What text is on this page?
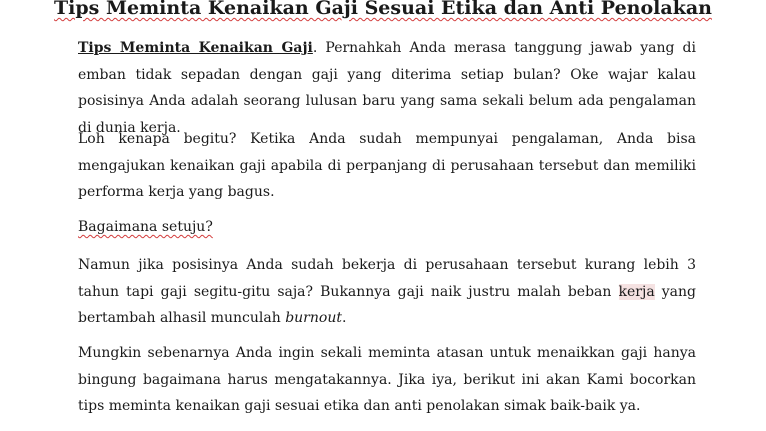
Tips Meminta Kenaikan Gaji Sesuai Etika dan Anti Penolakan

Tips Meminta Kenaikan Gaji. Pernahkah Anda merasa tanggung jawab yang di emban tidak sepadan dengan gaji yang diterima setiap bulan? Oke wajar kalau posisinya Anda adalah seorang lulusan baru yang sama sekali belum ada pengalaman di dunia kerja.

Loh kenapa begitu? Ketika Anda sudah mempunyai pengalaman, Anda bisa mengajukan kenaikan gaji apabila di perpanjang di perusahaan tersebut dan memiliki performa kerja yang bagus.

Bagaimana setuju?

Namun jika posisinya Anda sudah bekerja di perusahaan tersebut kurang lebih 3 tahun tapi gaji segitu-gitu saja? Bukannya gaji naik justru malah beban kerja yang bertambah alhasil munculah burnout.

Mungkin sebenarnya Anda ingin sekali meminta atasan untuk menaikkan gaji hanya bingung bagaimana harus mengatakannya. Jika iya, berikut ini akan Kami bocorkan tips meminta kenaikan gaji sesuai etika dan anti penolakan simak baik-baik ya.
